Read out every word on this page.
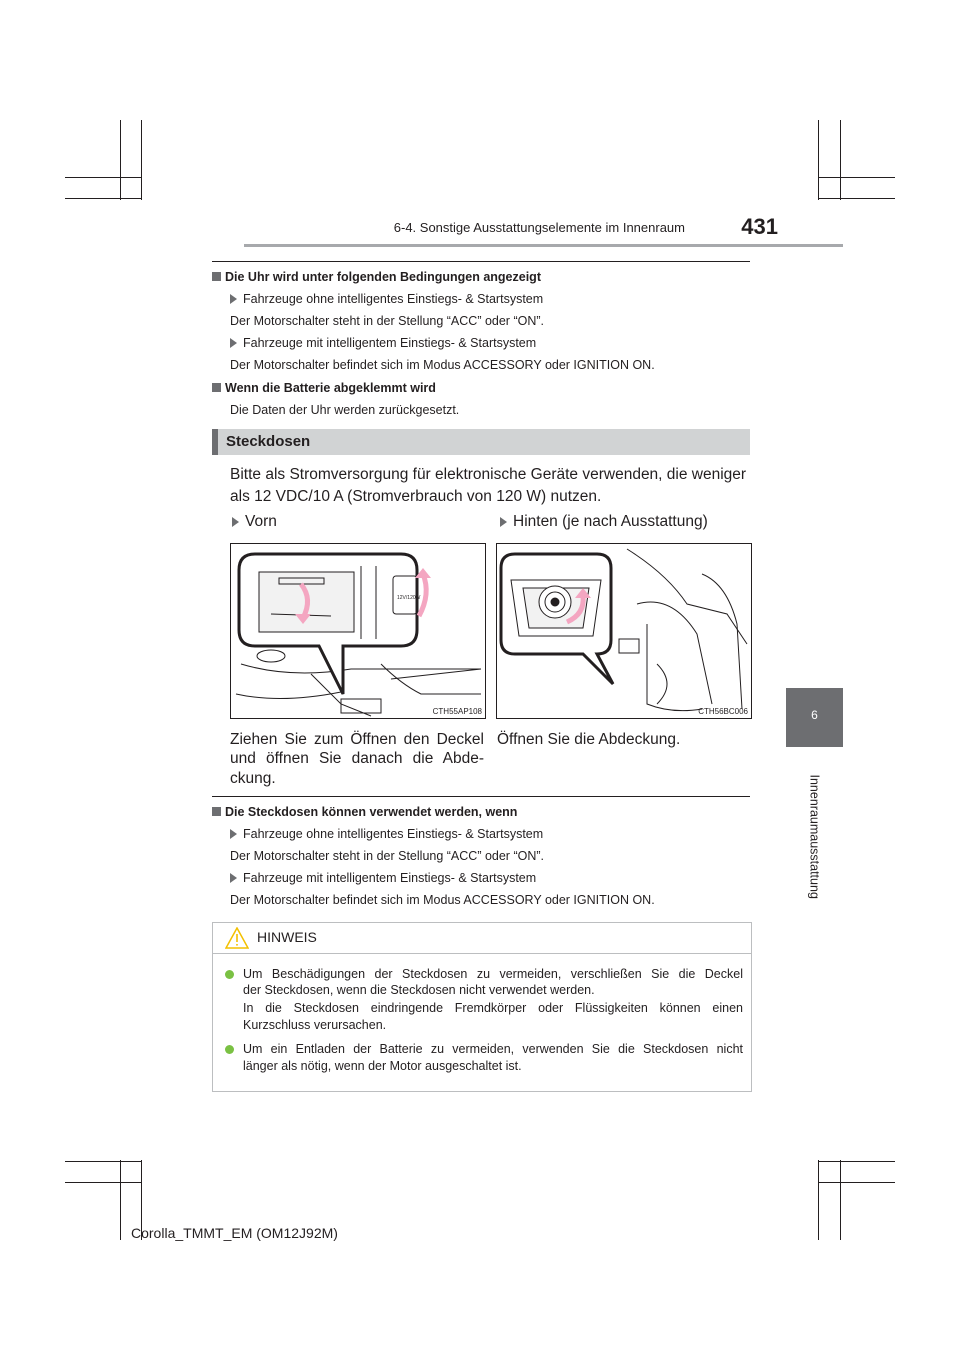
6-4. Sonstige Ausstattungselemente im Innenraum	431
6
Innenraumausstattung
Die Uhr wird unter folgenden Bedingungen angezeigt
Fahrzeuge ohne intelligentes Einstiegs- & Startsystem
Der Motorschalter steht in der Stellung “ACC” oder “ON”.
Fahrzeuge mit intelligentem Einstiegs- & Startsystem
Der Motorschalter befindet sich im Modus ACCESSORY oder IGNITION ON.
Wenn die Batterie abgeklemmt wird
Die Daten der Uhr werden zurückgesetzt.
Steckdosen
Bitte als Stromversorgung für elektronische Geräte verwenden, die weniger
als 12 VDC/10 A (Stromverbrauch von 120 W) nutzen.
Vorn	Hinten (je nach Ausstattung)
12V/120W
CTH55AP108	CTH56BC006
Ziehen Sie zum Öffnen den Deckel
und öffnen Sie danach die Abde-
ckung.
Öffnen Sie die Abdeckung.
Die Steckdosen können verwendet werden, wenn
Fahrzeuge ohne intelligentes Einstiegs- & Startsystem
Der Motorschalter steht in der Stellung “ACC” oder “ON”.
Fahrzeuge mit intelligentem Einstiegs- & Startsystem
Der Motorschalter befindet sich im Modus ACCESSORY oder IGNITION ON.
HINWEIS
Um Beschädigungen der Steckdosen zu vermeiden, verschließen Sie die Deckel
der Steckdosen, wenn die Steckdosen nicht verwendet werden.
In die Steckdosen eindringende Fremdkörper oder Flüssigkeiten können einen
Kurzschluss verursachen.
Um ein Entladen der Batterie zu vermeiden, verwenden Sie die Steckdosen nicht
länger als nötig, wenn der Motor ausgeschaltet ist.
Corolla_TMMT_EM (OM12J92M)
